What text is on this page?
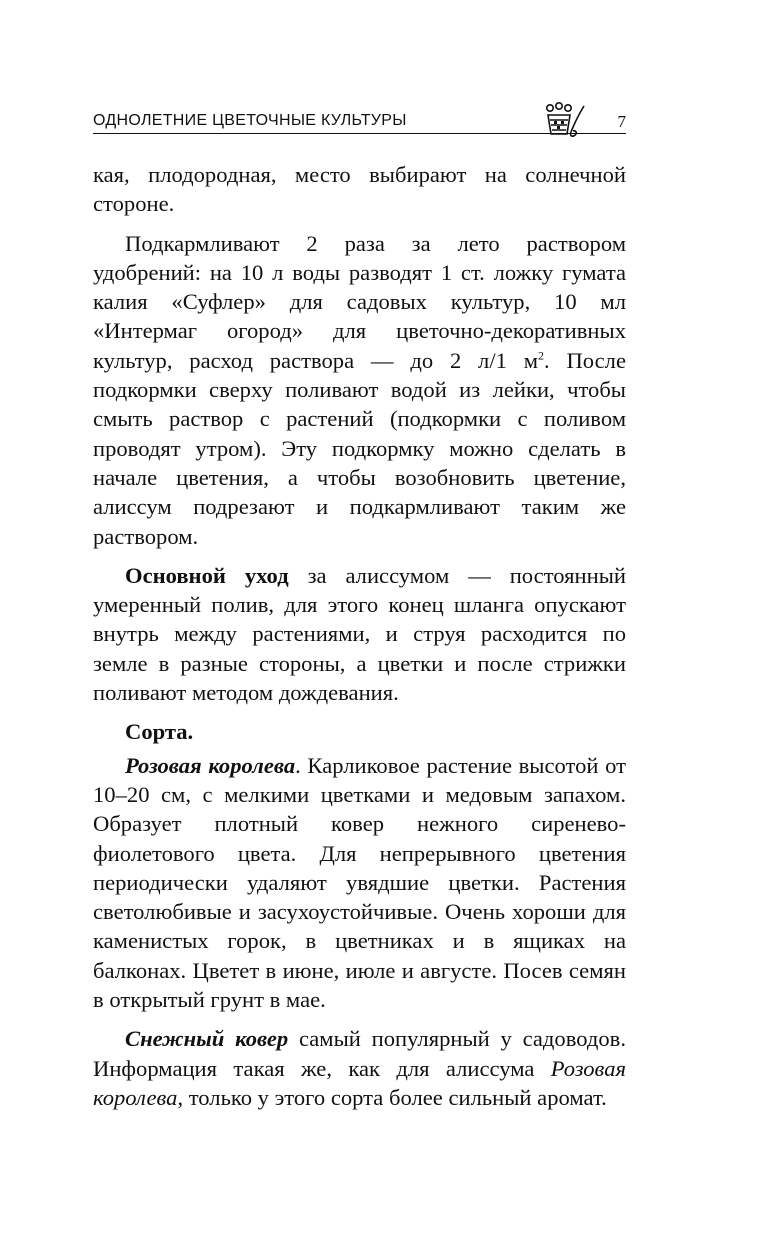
ОДНОЛЕТНИЕ ЦВЕТОЧНЫЕ КУЛЬТУРЫ	7

кая, плодородная, место выбирают на солнечной стороне.

Подкармливают 2 раза за лето раствором удобрений: на 10 л воды разводят 1 ст. ложку гумата калия «Суфлер» для садовых культур, 10 мл «Интермаг огород» для цветочно-декоративных культур, расход раствора — до 2 л/1 $м^2$. После подкормки сверху поливают водой из лейки, чтобы смыть раствор с растений (подкормки с поливом проводят утром). Эту подкормку можно сделать в начале цветения, а чтобы возобновить цветение, алиссум подрезают и подкармливают таким же раствором.

Основной уход за алиссумом — постоянный умеренный полив, для этого конец шланга опускают внутрь между растениями, и струя расходится по земле в разные стороны, а цветки и после стрижки поливают методом дождевания.

Сорта.

Розовая королева. Карликовое растение высотой от 10–20 см, с мелкими цветками и медовым запахом. Образует плотный ковер нежного сиренево-фиолетового цвета. Для непрерывного цветения периодически удаляют увядшие цветки. Растения светолюбивые и засухоустойчивые. Очень хороши для каменистых горок, в цветниках и в ящиках на балконах. Цветет в июне, июле и августе. Посев семян в открытый грунт в мае.

Снежный ковер самый популярный у садоводов. Информация такая же, как для алиссума Розовая королева, только у этого сорта более сильный аромат.
